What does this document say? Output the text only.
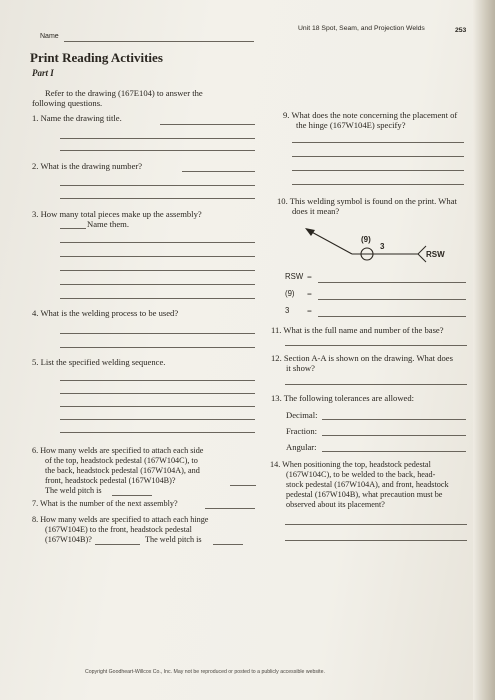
Name
Unit 18 Spot, Seam, and Projection Welds	253
Print Reading Activities
Part I
Refer to the drawing (167E104) to answer the
following questions.
1. Name the drawing title.
2. What is the drawing number?
3. How many total pieces make up the assembly?
Name them.
4. What is the welding process to be used?
5. List the specified welding sequence.
6. How many welds are specified to attach each side
of the top, headstock pedestal (167W104C), to
the back, headstock pedestal (167W104A), and
front, headstock pedestal (167W104B)?
The weld pitch is
7. What is the number of the next assembly?
8. How many welds are specified to attach each hinge
(167W104E) to the front, headstock pedestal
(167W104B)?	The weld pitch is
9. What does the note concerning the placement of
the hinge (167W104E) specify?
10. This welding symbol is found on the print. What
does it mean?
(9)
3
RSW
RSW =
(9) =
3 =
11. What is the full name and number of the base?
12. Section A-A is shown on the drawing. What does
it show?
13. The following tolerances are allowed:
Decimal:
Fraction:
Angular:
14. When positioning the top, headstock pedestal
(167W104C), to be welded to the back, head-
stock pedestal (167W104A), and front, headstock
pedestal (167W104B), what precaution must be
observed about its placement?
Copyright Goodheart-Willcox Co., Inc. May not be reproduced or posted to a publicly accessible website.
